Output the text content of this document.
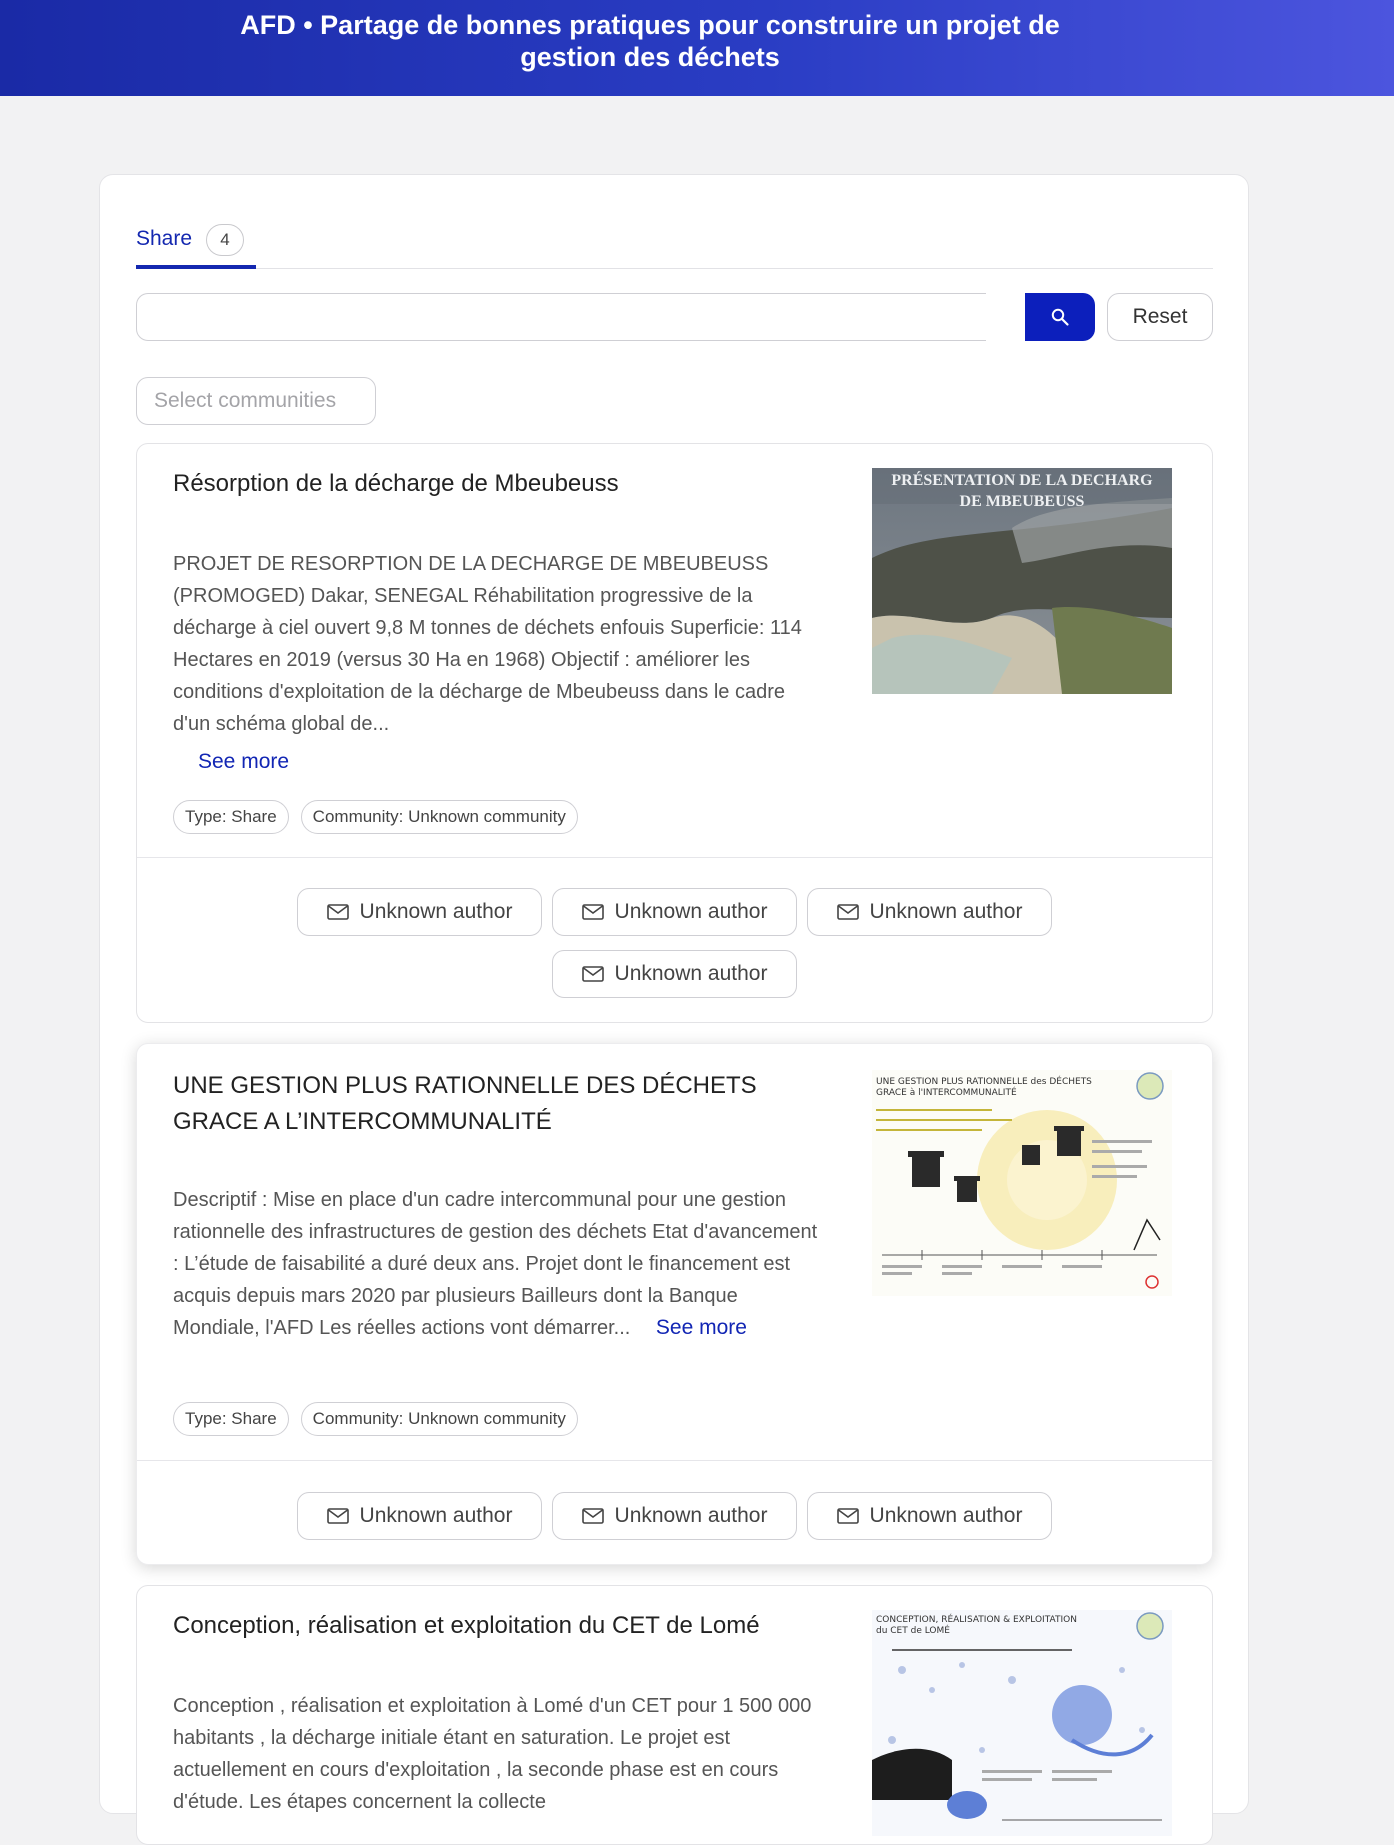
AFD • Partage de bonnes pratiques pour construire un projet de gestion des déchets
Share	4
Reset
Select communities
Résorption de la décharge de Mbeubeuss
PROJET DE RESORPTION DE LA DECHARGE DE MBEUBEUSS (PROMOGED) Dakar, SENEGAL Réhabilitation progressive de la décharge à ciel ouvert 9,8 M tonnes de déchets enfouis Superficie: 114 Hectares en 2019 (versus 30 Ha en 1968) Objectif : améliorer les conditions d'exploitation de la décharge de Mbeubeuss dans le cadre d'un schéma global de...
See more
PRÉSENTATION DE LA DECHARG
DE MBEUBEUSS
Type: Share Community: Unknown community
Unknown author	Unknown author	Unknown author

Unknown author
UNE GESTION PLUS RATIONNELLE DES DÉCHETS GRACE A L’INTERCOMMUNALITÉ
Descriptif : Mise en place d'un cadre intercommunal pour une gestion rationnelle des infrastructures de gestion des déchets Etat d'avancement : L’étude de faisabilité a duré deux ans. Projet dont le financement est acquis depuis mars 2020 par plusieurs Bailleurs dont la Banque Mondiale, l'AFD Les réelles actions vont démarrer... See more
UNE GESTION PLUS RATIONNELLE des DÉCHETS
GRACE à l'INTERCOMMUNALITÉ
Type: Share Community: Unknown community
Unknown author	Unknown author	Unknown author
Conception, réalisation et exploitation du CET de Lomé
Conception , réalisation et exploitation à Lomé d'un CET pour 1 500 000 habitants , la décharge initiale étant en saturation. Le projet est actuellement en cours d'exploitation , la seconde phase est en cours d'étude. Les étapes concernent la collecte
CONCEPTION, RÉALISATION & EXPLOITATION
du CET de LOMÉ
